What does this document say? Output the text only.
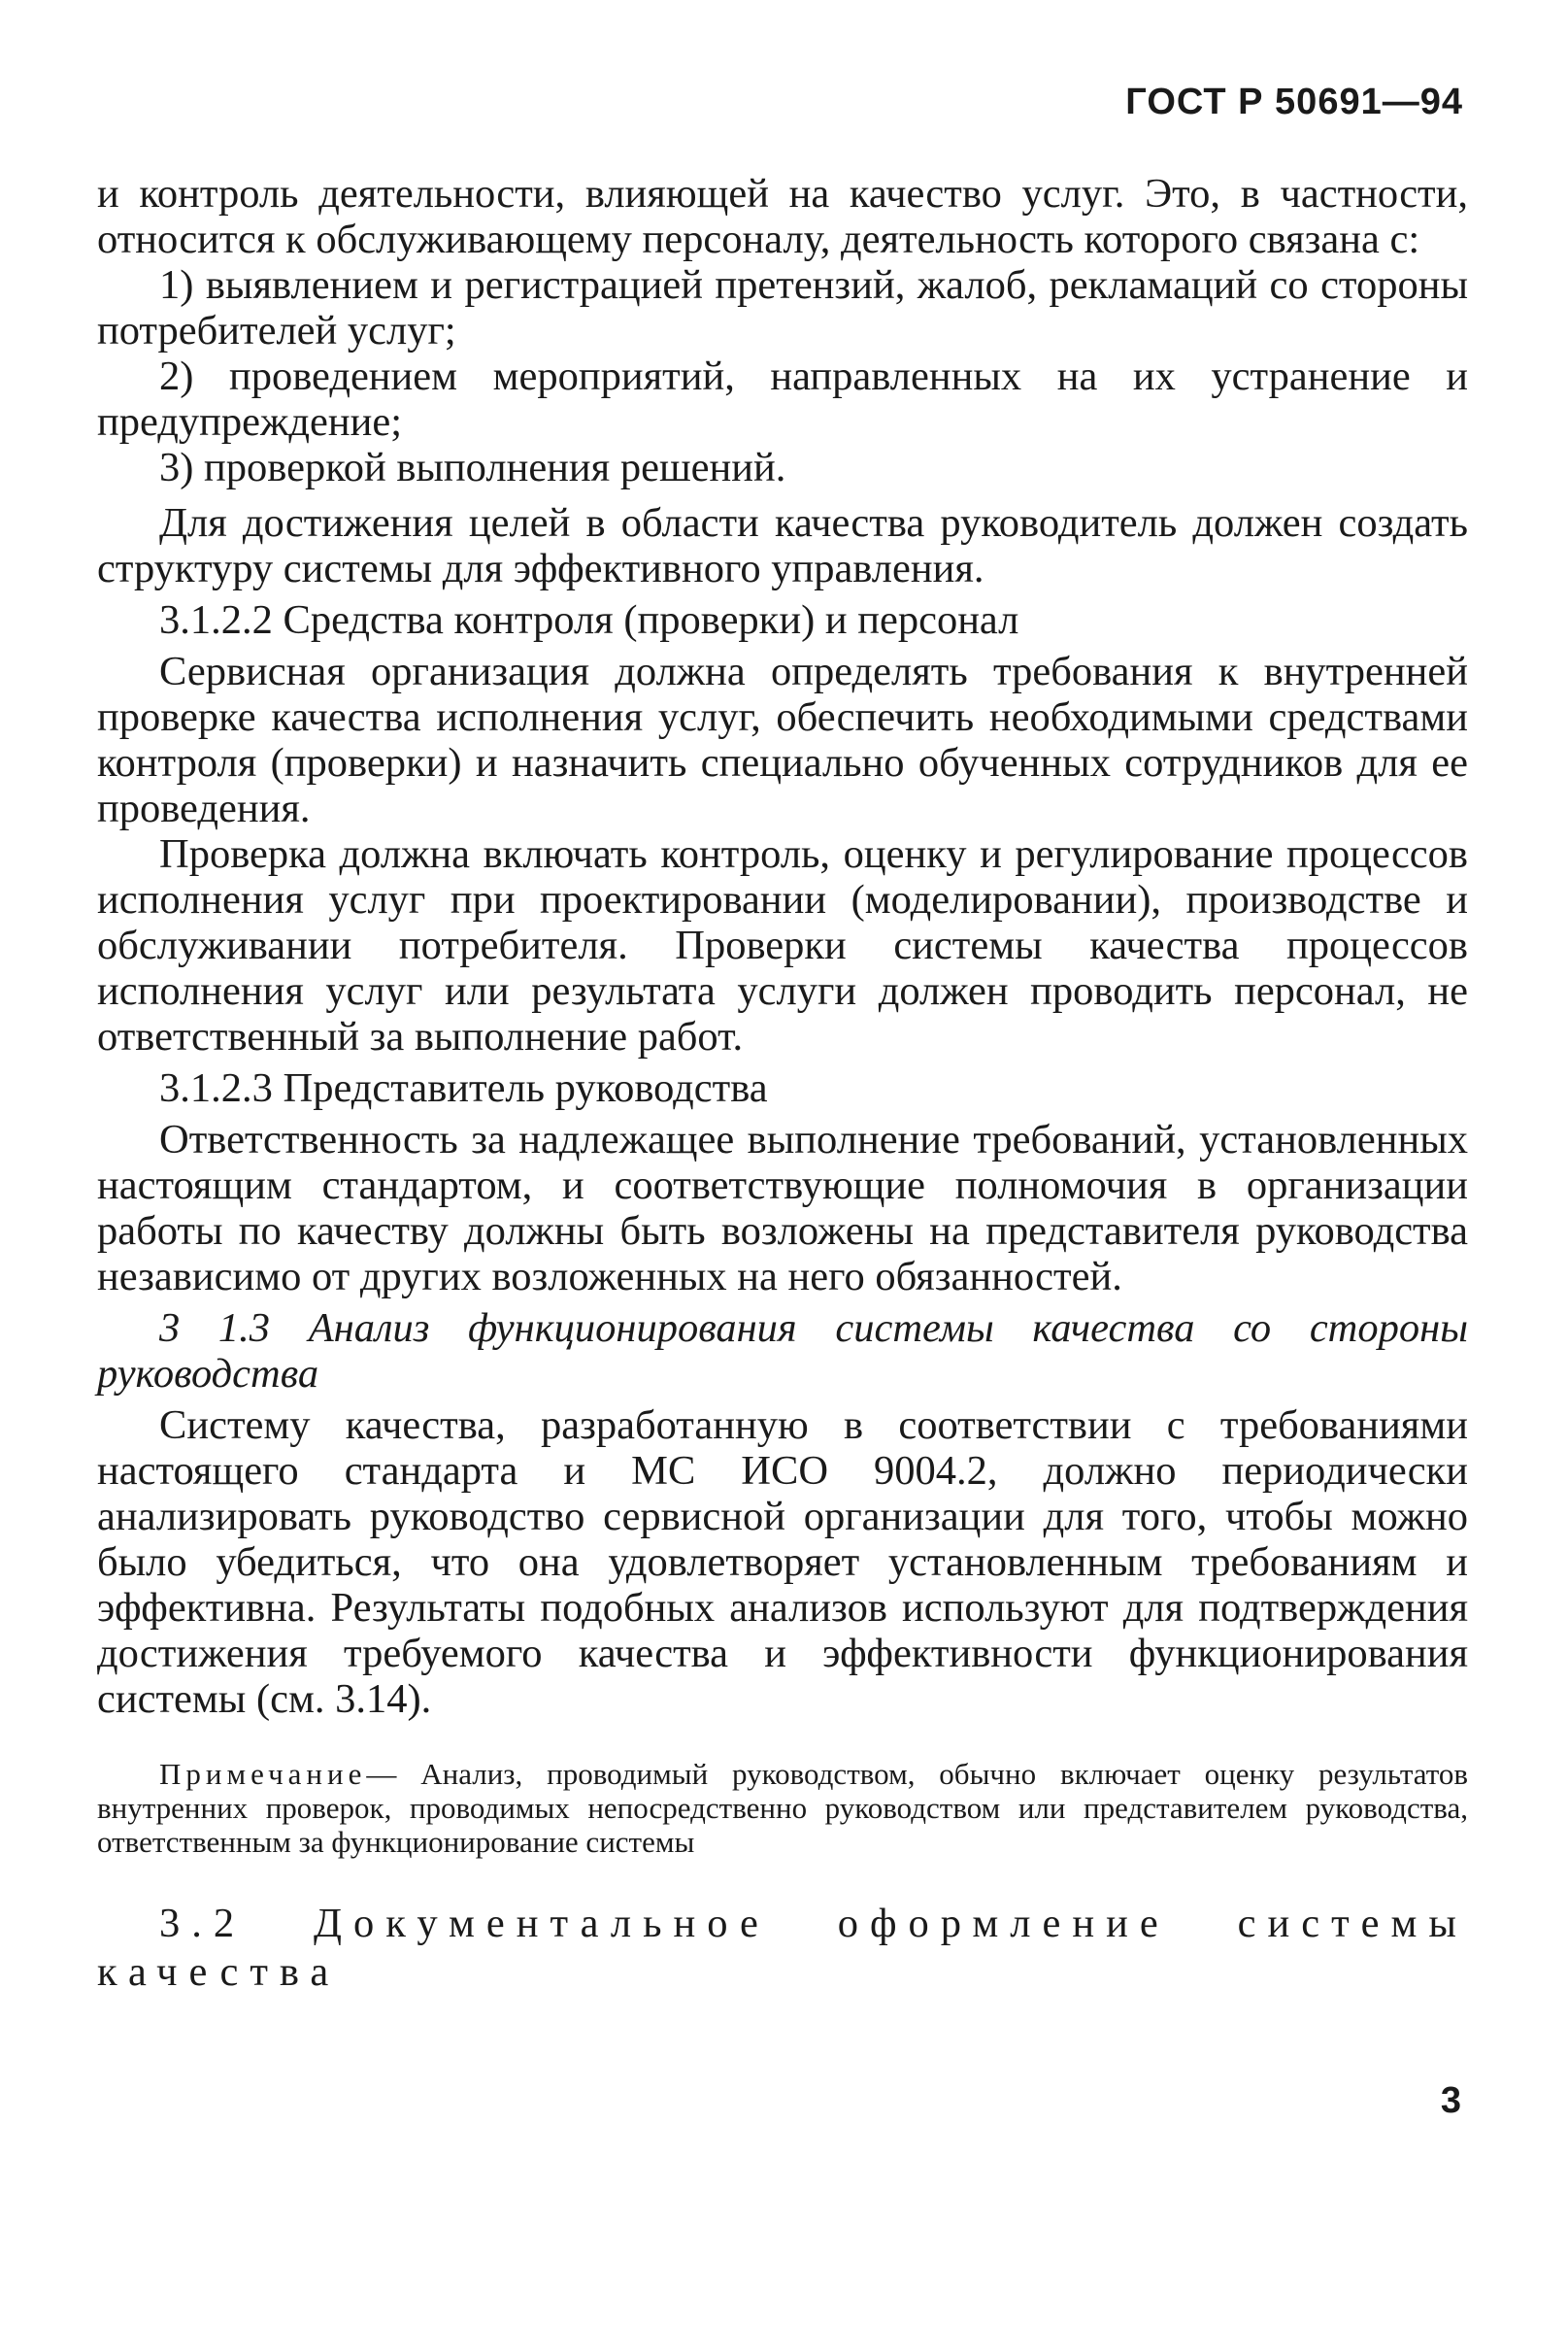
ГОСТ Р 50691—94

и контроль деятельности, влияющей на качество услуг. Это, в частности, относится к обслуживающему персоналу, деятельность которого связана с:

1) выявлением и регистрацией претензий, жалоб, рекламаций со стороны потребителей услуг;

2) проведением мероприятий, направленных на их устранение и предупреждение;

3) проверкой выполнения решений.

Для достижения целей в области качества руководитель должен создать структуру системы для эффективного управления.

3.1.2.2 Средства контроля (проверки) и персонал

Сервисная организация должна определять требования к внутренней проверке качества исполнения услуг, обеспечить необходимыми средствами контроля (проверки) и назначить специально обученных сотрудников для ее проведения.

Проверка должна включать контроль, оценку и регулирование процессов исполнения услуг при проектировании (моделировании), производстве и обслуживании потребителя. Проверки системы качества процессов исполнения услуг или результата услуги должен проводить персонал, не ответственный за выполнение работ.

3.1.2.3 Представитель руководства

Ответственность за надлежащее выполнение требований, установленных настоящим стандартом, и соответствующие полномочия в организации работы по качеству должны быть возложены на представителя руководства независимо от других возложенных на него обязанностей.

3 1.3 Анализ функционирования системы качества со стороны руководства

Систему качества, разработанную в соответствии с требованиями настоящего стандарта и МС ИСО 9004.2, должно периодически анализировать руководство сервисной организации для того, чтобы можно было убедиться, что она удовлетворяет установленным требованиям и эффективна. Результаты подобных анализов используют для подтверждения достижения требуемого качества и эффективности функционирования системы (см. 3.14).

Примечание— Анализ, проводимый руководством, обычно включает оценку результатов внутренних проверок, проводимых непосредственно руководством или представителем руководства, ответственным за функционирование системы
3.2 Документальное оформление системы качества
3
